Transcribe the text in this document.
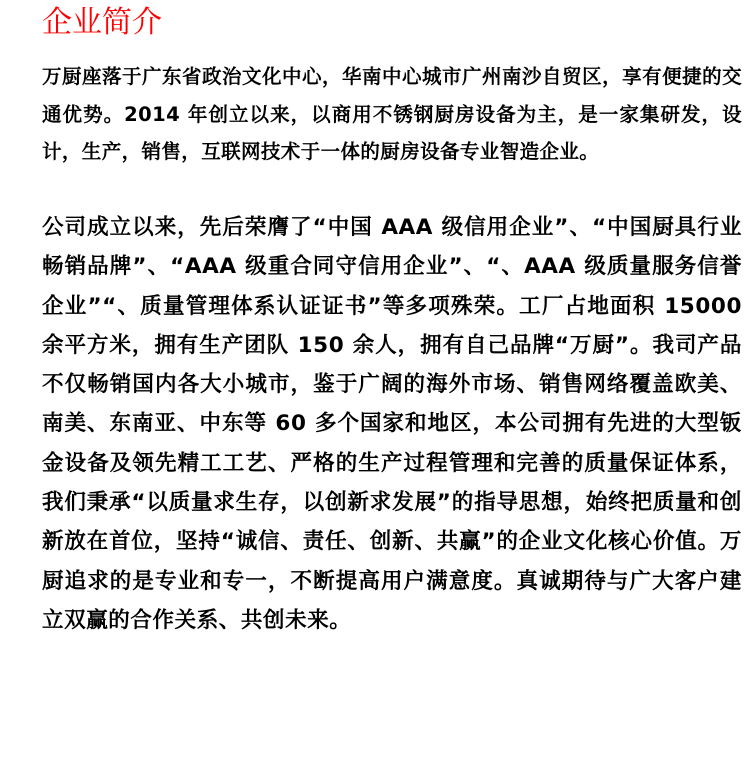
企业简介

万厨座落于广东省政治文化中心，华南中心城市广州南沙自贸区，享有便捷的交通优势。2014 年创立以来，以商用不锈钢厨房设备为主，是一家集研发，设计，生产，销售，互联网技术于一体的厨房设备专业智造企业。

公司成立以来，先后荣膺了“中国 AAA 级信用企业”、“中国厨具行业畅销品牌”、“AAA 级重合同守信用企业”、“、AAA 级质量服务信誉企业”“、质量管理体系认证证书”等多项殊荣。工厂占地面积 15000 余平方米，拥有生产团队 150 余人，拥有自己品牌“万厨”。我司产品不仅畅销国内各大小城市，鉴于广阔的海外市场、销售网络覆盖欧美、南美、东南亚、中东等 60 多个国家和地区，本公司拥有先进的大型钣金设备及领先精工工艺、严格的生产过程管理和完善的质量保证体系，我们秉承“以质量求生存，以创新求发展”的指导思想，始终把质量和创新放在首位，坚持“诚信、责任、创新、共赢”的企业文化核心价值。万厨追求的是专业和专一，不断提高用户满意度。真诚期待与广大客户建立双赢的合作关系、共创未来。
